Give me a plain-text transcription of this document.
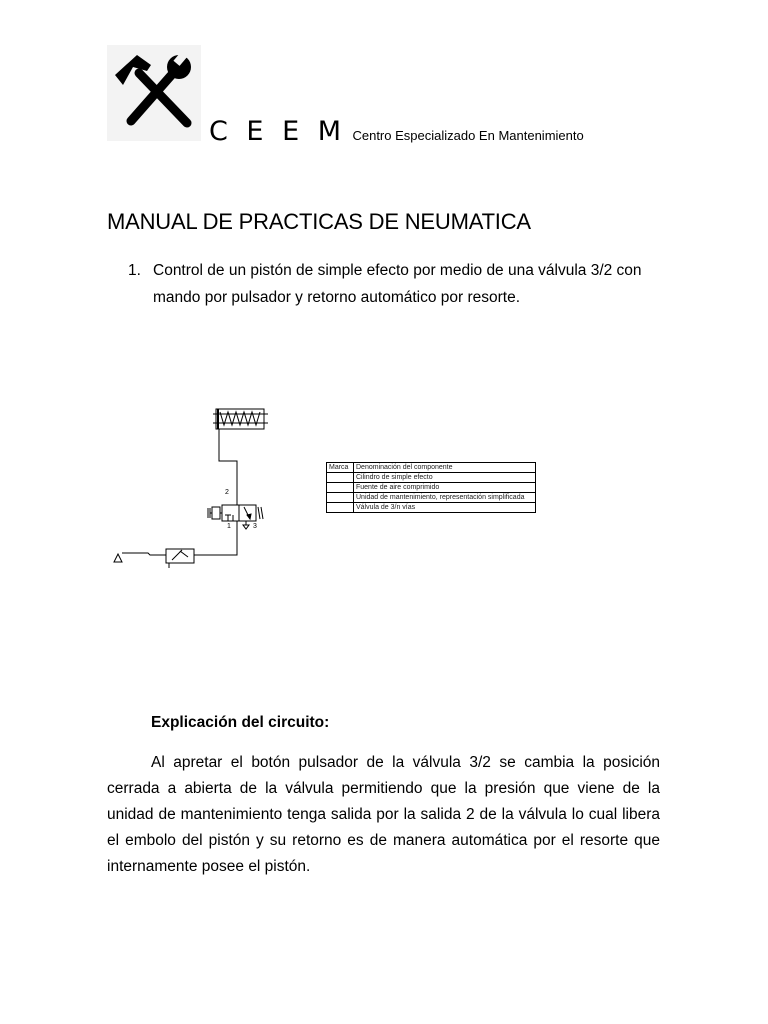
C E E M Centro Especializado En Mantenimiento
MANUAL DE PRACTICAS DE NEUMATICA
1. Control de un pistón de simple efecto por medio de una válvula 3/2 con mando por pulsador y retorno automático por resorte.
2
1	3
Marca	Denominación del componente
	Cilindro de simple efecto
	Fuente de aire comprimido
	Unidad de mantenimiento, representación simplificada
	Válvula de 3/n vías
Explicación del circuito:

Al apretar el botón pulsador de la válvula 3/2 se cambia la posición cerrada a abierta de la válvula permitiendo que la presión que viene de la unidad de mantenimiento tenga salida por la salida 2 de la válvula lo cual libera el embolo del pistón y su retorno es de manera automática por el resorte que internamente posee el pistón.
